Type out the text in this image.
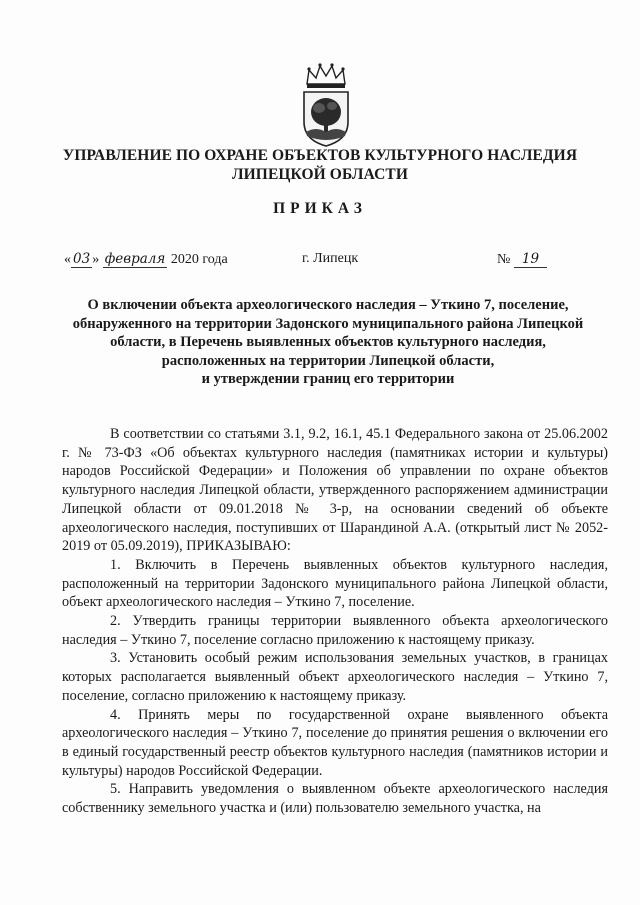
УПРАВЛЕНИЕ ПО ОХРАНЕ ОБЪЕКТОВ КУЛЬТУРНОГО НАСЛЕДИЯ
ЛИПЕЦКОЙ ОБЛАСТИ
ПРИКАЗ
« 03 » февраля 2020 года	г. Липецк	№ 19
О включении объекта археологического наследия – Уткино 7, поселение,
обнаруженного на территории Задонского муниципального района Липецкой
области, в Перечень выявленных объектов культурного наследия,
расположенных на территории Липецкой области,
и утверждении границ его территории

В соответствии со статьями 3.1, 9.2, 16.1, 45.1 Федерального закона от 25.06.2002 г. № 73-ФЗ «Об объектах культурного наследия (памятниках истории и культуры) народов Российской Федерации» и Положения об управлении по охране объектов культурного наследия Липецкой области, утвержденного распоряжением администрации Липецкой области от 09.01.2018 № 3-р, на основании сведений об объекте археологического наследия, поступивших от Шарандиной А.А. (открытый лист № 2052-2019 от 05.09.2019), ПРИКАЗЫВАЮ:

1. Включить в Перечень выявленных объектов культурного наследия, расположенный на территории Задонского муниципального района Липецкой области, объект археологического наследия – Уткино 7, поселение.

2. Утвердить границы территории выявленного объекта археологического наследия – Уткино 7, поселение согласно приложению к настоящему приказу.

3. Установить особый режим использования земельных участков, в границах которых располагается выявленный объект археологического наследия – Уткино 7, поселение, согласно приложению к настоящему приказу.

4. Принять меры по государственной охране выявленного объекта археологического наследия – Уткино 7, поселение до принятия решения о включении его в единый государственный реестр объектов культурного наследия (памятников истории и культуры) народов Российской Федерации.

5. Направить уведомления о выявленном объекте археологического наследия собственнику земельного участка и (или) пользователю земельного участка, на
